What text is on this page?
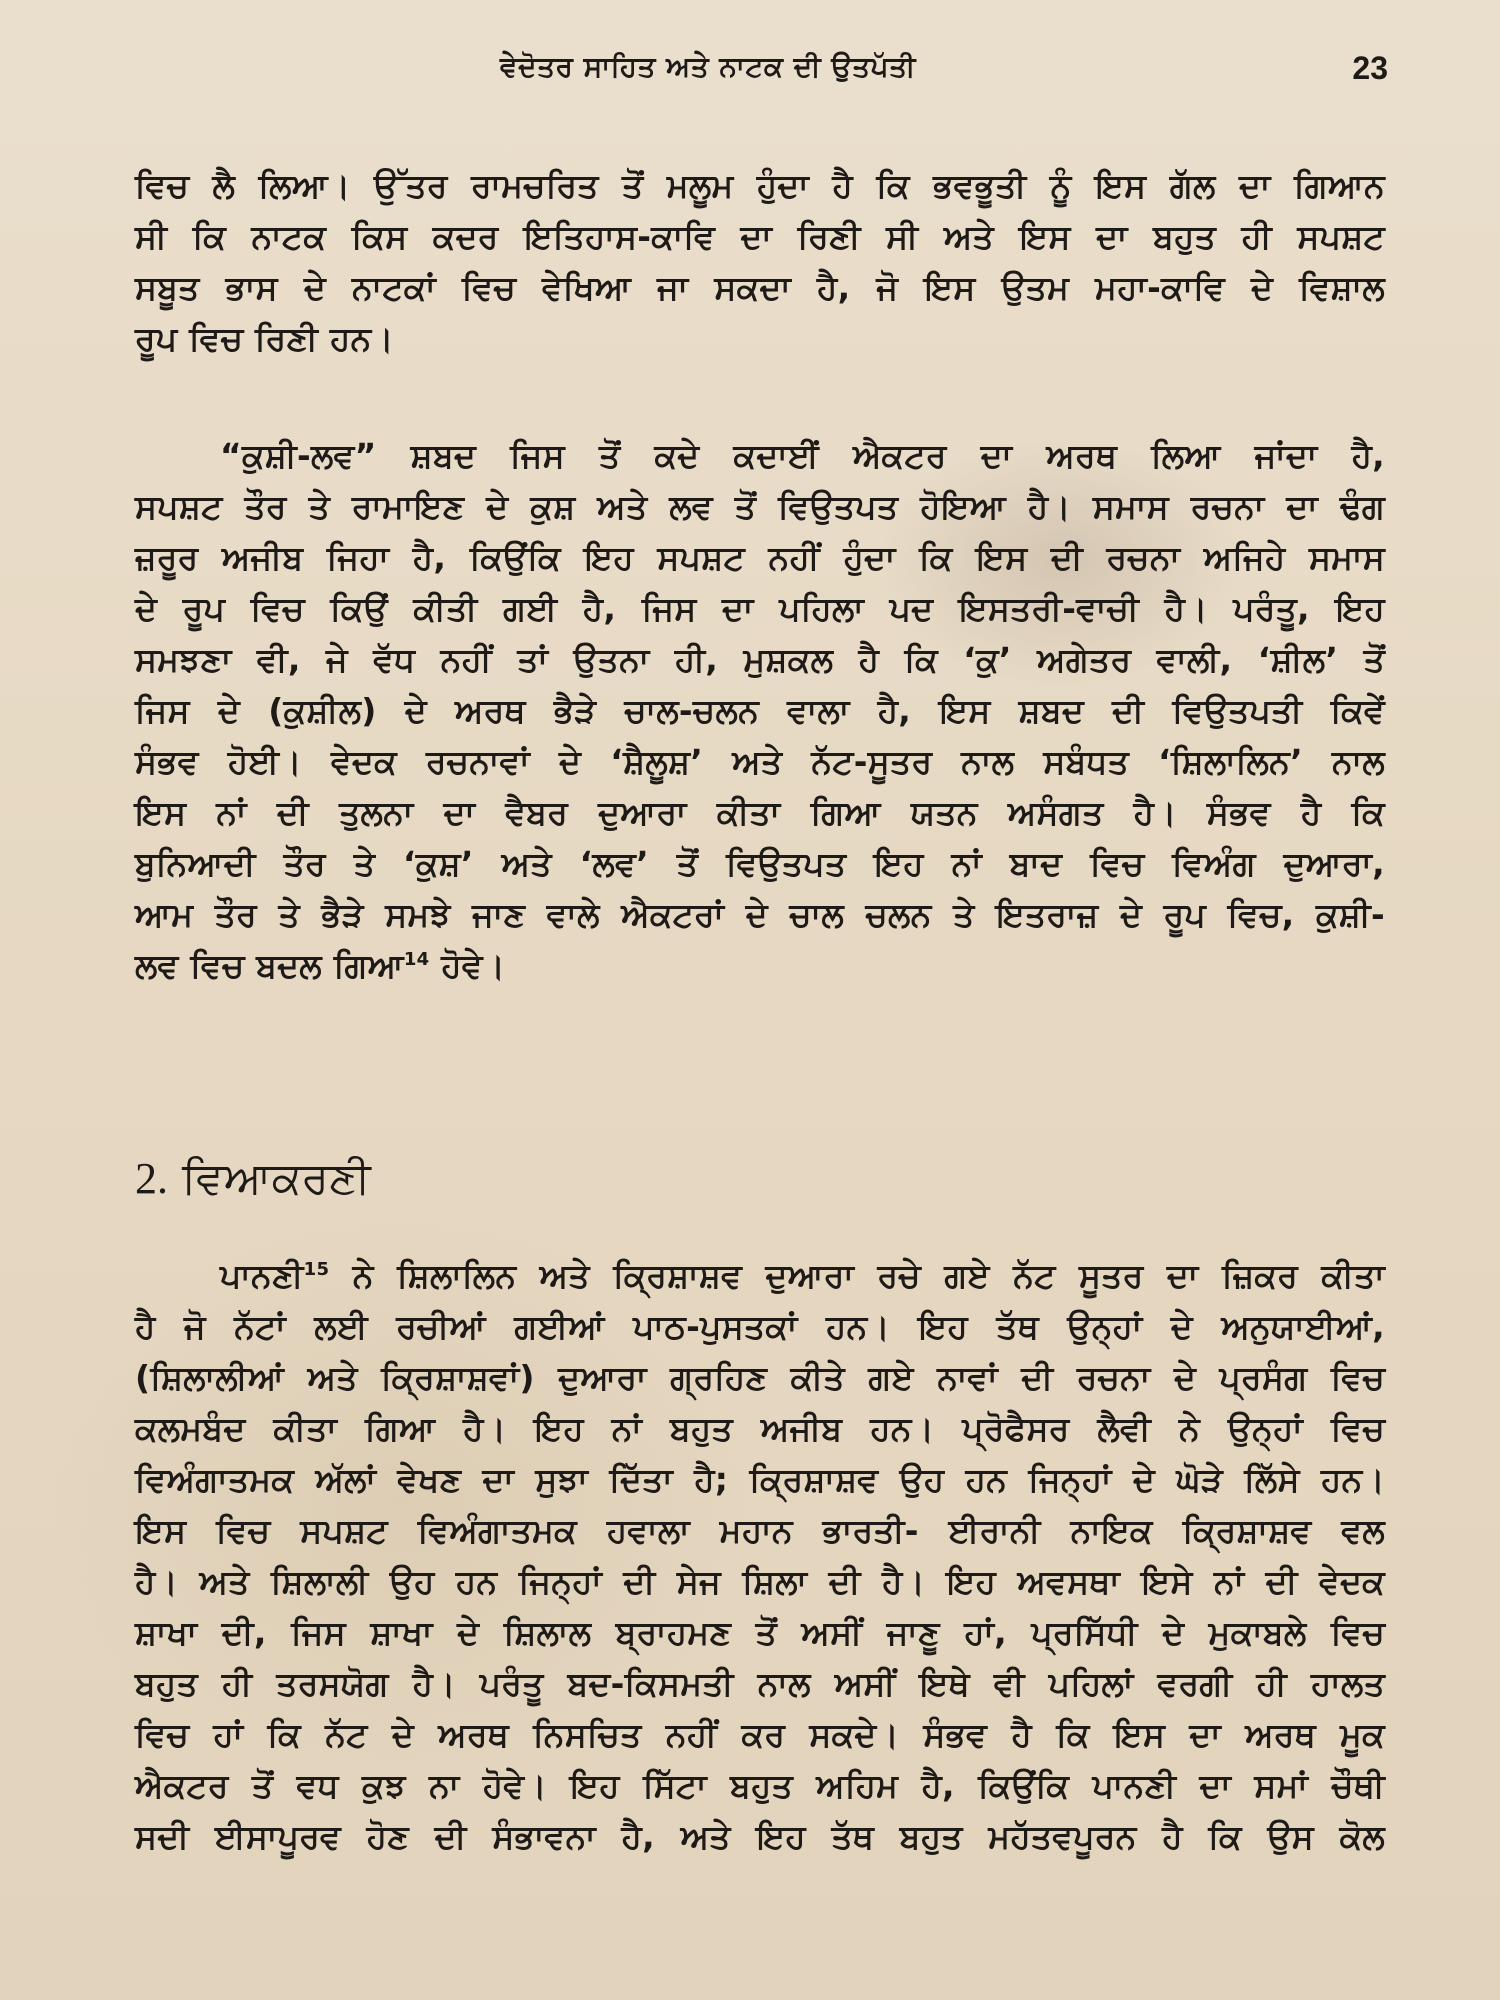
ਵੇਦੋਤਰ ਸਾਹਿਤ ਅਤੇ ਨਾਟਕ ਦੀ ਉਤਪੱਤੀ	23
ਵਿਚ ਲੈ ਲਿਆ। ਉੱਤਰ ਰਾਮਚਰਿਤ ਤੋਂ ਮਲੂਮ ਹੁੰਦਾ ਹੈ ਕਿ ਭਵਭੂਤੀ ਨੂੰ ਇਸ ਗੱਲ ਦਾ ਗਿਆਨ
ਸੀ ਕਿ ਨਾਟਕ ਕਿਸ ਕਦਰ ਇਤਿਹਾਸ-ਕਾਵਿ ਦਾ ਰਿਣੀ ਸੀ ਅਤੇ ਇਸ ਦਾ ਬਹੁਤ ਹੀ ਸਪਸ਼ਟ
ਸਬੂਤ ਭਾਸ ਦੇ ਨਾਟਕਾਂ ਵਿਚ ਵੇਖਿਆ ਜਾ ਸਕਦਾ ਹੈ, ਜੋ ਇਸ ਉਤਮ ਮਹਾ-ਕਾਵਿ ਦੇ ਵਿਸ਼ਾਲ
ਰੂਪ ਵਿਚ ਰਿਣੀ ਹਨ।
“ਕੁਸ਼ੀ-ਲਵ” ਸ਼ਬਦ ਜਿਸ ਤੋਂ ਕਦੇ ਕਦਾਈਂ ਐਕਟਰ ਦਾ ਅਰਥ ਲਿਆ ਜਾਂਦਾ ਹੈ,
ਸਪਸ਼ਟ ਤੌਰ ਤੇ ਰਾਮਾਇਣ ਦੇ ਕੁਸ਼ ਅਤੇ ਲਵ ਤੋਂ ਵਿਉਤਪਤ ਹੋਇਆ ਹੈ। ਸਮਾਸ ਰਚਨਾ ਦਾ ਢੰਗ
ਜ਼ਰੂਰ ਅਜੀਬ ਜਿਹਾ ਹੈ, ਕਿਉਂਕਿ ਇਹ ਸਪਸ਼ਟ ਨਹੀਂ ਹੁੰਦਾ ਕਿ ਇਸ ਦੀ ਰਚਨਾ ਅਜਿਹੇ ਸਮਾਸ
ਦੇ ਰੂਪ ਵਿਚ ਕਿਉਂ ਕੀਤੀ ਗਈ ਹੈ, ਜਿਸ ਦਾ ਪਹਿਲਾ ਪਦ ਇਸਤਰੀ-ਵਾਚੀ ਹੈ। ਪਰੰਤੂ, ਇਹ
ਸਮਝਣਾ ਵੀ, ਜੇ ਵੱਧ ਨਹੀਂ ਤਾਂ ਉਤਨਾ ਹੀ, ਮੁਸ਼ਕਲ ਹੈ ਕਿ ‘ਕੁ’ ਅਗੇਤਰ ਵਾਲੀ, ‘ਸ਼ੀਲ’ ਤੋਂ
ਜਿਸ ਦੇ (ਕੁਸ਼ੀਲ) ਦੇ ਅਰਥ ਭੈੜੇ ਚਾਲ-ਚਲਨ ਵਾਲਾ ਹੈ, ਇਸ ਸ਼ਬਦ ਦੀ ਵਿਉਤਪਤੀ ਕਿਵੇਂ
ਸੰਭਵ ਹੋਈ। ਵੇਦਕ ਰਚਨਾਵਾਂ ਦੇ ‘ਸ਼ੈਲੂਸ਼’ ਅਤੇ ਨੱਟ-ਸੂਤਰ ਨਾਲ ਸਬੰਧਤ ‘ਸ਼ਿਲਾਲਿਨ’ ਨਾਲ
ਇਸ ਨਾਂ ਦੀ ਤੁਲਨਾ ਦਾ ਵੈਬਰ ਦੁਆਰਾ ਕੀਤਾ ਗਿਆ ਯਤਨ ਅਸੰਗਤ ਹੈ। ਸੰਭਵ ਹੈ ਕਿ
ਬੁਨਿਆਦੀ ਤੌਰ ਤੇ ‘ਕੁਸ਼’ ਅਤੇ ‘ਲਵ’ ਤੋਂ ਵਿਉਤਪਤ ਇਹ ਨਾਂ ਬਾਦ ਵਿਚ ਵਿਅੰਗ ਦੁਆਰਾ,
ਆਮ ਤੌਰ ਤੇ ਭੈੜੇ ਸਮਝੇ ਜਾਣ ਵਾਲੇ ਐਕਟਰਾਂ ਦੇ ਚਾਲ ਚਲਨ ਤੇ ਇਤਰਾਜ਼ ਦੇ ਰੂਪ ਵਿਚ, ਕੁਸ਼ੀ-
ਲਵ ਵਿਚ ਬਦਲ ਗਿਆ$^{14}$ ਹੋਵੇ।
2. ਵਿਆਕਰਣੀ
ਪਾਨਣੀ$^{15}$ ਨੇ ਸ਼ਿਲਾਲਿਨ ਅਤੇ ਕ੍ਰਿਸ਼ਾਸ਼ਵ ਦੁਆਰਾ ਰਚੇ ਗਏ ਨੱਟ ਸੂਤਰ ਦਾ ਜ਼ਿਕਰ ਕੀਤਾ
ਹੈ ਜੋ ਨੱਟਾਂ ਲਈ ਰਚੀਆਂ ਗਈਆਂ ਪਾਠ-ਪੁਸਤਕਾਂ ਹਨ। ਇਹ ਤੱਥ ਉਨ੍ਹਾਂ ਦੇ ਅਨੁਯਾਈਆਂ,
(ਸ਼ਿਲਾਲੀਆਂ ਅਤੇ ਕ੍ਰਿਸ਼ਾਸ਼ਵਾਂ) ਦੁਆਰਾ ਗ੍ਰਹਿਣ ਕੀਤੇ ਗਏ ਨਾਵਾਂ ਦੀ ਰਚਨਾ ਦੇ ਪ੍ਰਸੰਗ ਵਿਚ
ਕਲਮਬੰਦ ਕੀਤਾ ਗਿਆ ਹੈ। ਇਹ ਨਾਂ ਬਹੁਤ ਅਜੀਬ ਹਨ। ਪ੍ਰੋਫੈਸਰ ਲੈਵੀ ਨੇ ਉਨ੍ਹਾਂ ਵਿਚ
ਵਿਅੰਗਾਤਮਕ ਅੱਲਾਂ ਵੇਖਣ ਦਾ ਸੁਝਾ ਦਿੱਤਾ ਹੈ; ਕ੍ਰਿਸ਼ਾਸ਼ਵ ਉਹ ਹਨ ਜਿਨ੍ਹਾਂ ਦੇ ਘੋੜੇ ਲਿੱਸੇ ਹਨ।
ਇਸ ਵਿਚ ਸਪਸ਼ਟ ਵਿਅੰਗਾਤਮਕ ਹਵਾਲਾ ਮਹਾਨ ਭਾਰਤੀ- ਈਰਾਨੀ ਨਾਇਕ ਕ੍ਰਿਸ਼ਾਸ਼ਵ ਵਲ
ਹੈ। ਅਤੇ ਸ਼ਿਲਾਲੀ ਉਹ ਹਨ ਜਿਨ੍ਹਾਂ ਦੀ ਸੇਜ ਸ਼ਿਲਾ ਦੀ ਹੈ। ਇਹ ਅਵਸਥਾ ਇਸੇ ਨਾਂ ਦੀ ਵੇਦਕ
ਸ਼ਾਖਾ ਦੀ, ਜਿਸ ਸ਼ਾਖਾ ਦੇ ਸ਼ਿਲਾਲ ਬ੍ਰਾਹਮਣ ਤੋਂ ਅਸੀਂ ਜਾਣੂ ਹਾਂ, ਪ੍ਰਸਿੱਧੀ ਦੇ ਮੁਕਾਬਲੇ ਵਿਚ
ਬਹੁਤ ਹੀ ਤਰਸਯੋਗ ਹੈ। ਪਰੰਤੂ ਬਦ-ਕਿਸਮਤੀ ਨਾਲ ਅਸੀਂ ਇਥੇ ਵੀ ਪਹਿਲਾਂ ਵਰਗੀ ਹੀ ਹਾਲਤ
ਵਿਚ ਹਾਂ ਕਿ ਨੱਟ ਦੇ ਅਰਥ ਨਿਸਚਿਤ ਨਹੀਂ ਕਰ ਸਕਦੇ। ਸੰਭਵ ਹੈ ਕਿ ਇਸ ਦਾ ਅਰਥ ਮੂਕ
ਐਕਟਰ ਤੋਂ ਵਧ ਕੁਝ ਨਾ ਹੋਵੇ। ਇਹ ਸਿੱਟਾ ਬਹੁਤ ਅਹਿਮ ਹੈ, ਕਿਉਂਕਿ ਪਾਨਣੀ ਦਾ ਸਮਾਂ ਚੌਥੀ
ਸਦੀ ਈਸਾਪੂਰਵ ਹੋਣ ਦੀ ਸੰਭਾਵਨਾ ਹੈ, ਅਤੇ ਇਹ ਤੱਥ ਬਹੁਤ ਮਹੱਤਵਪੂਰਨ ਹੈ ਕਿ ਉਸ ਕੋਲ
